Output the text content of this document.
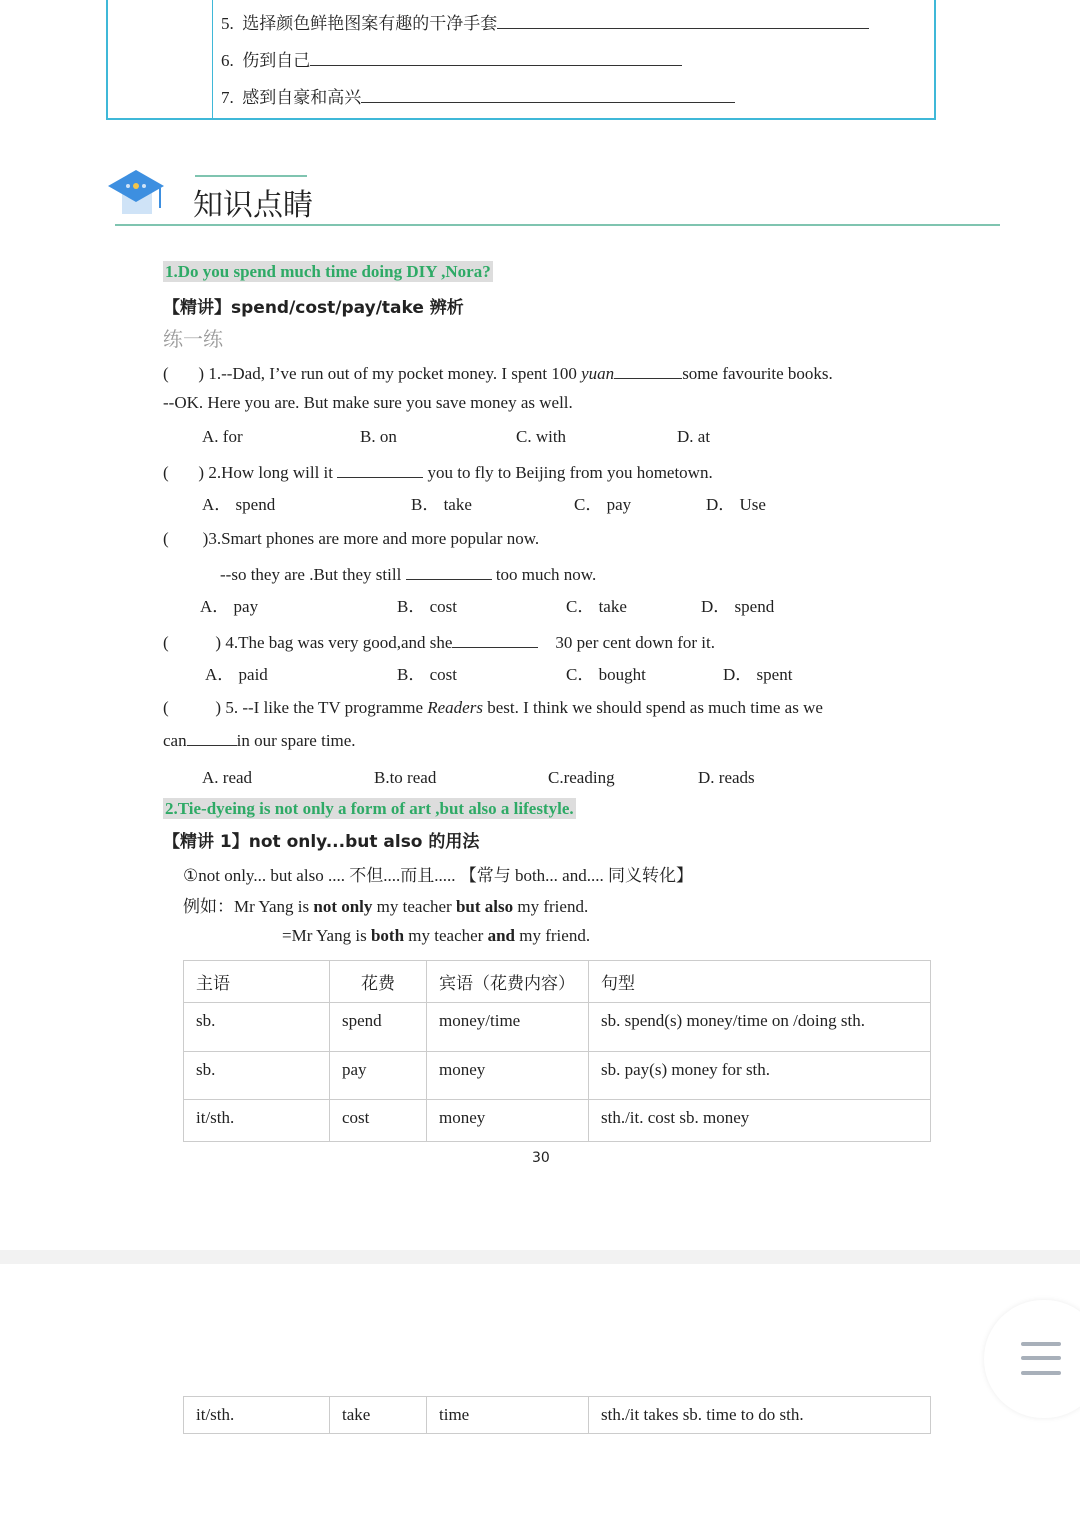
5. 选择颜色鲜艳图案有趣的干净手套
6. 伤到自己
7. 感到自豪和高兴
知识点睛
1.Do you spend much time doing DIY ,Nora?
【精讲】spend/cost/pay/take 辨析
练一练
( ) 1.--Dad, I’ve run out of my pocket money. I spent 100 yuan	some favourite books.
--OK. Here you are. But make sure you save money as well.
A. for	B. on	C. with	D. at
( ) 2.How long will it	you to fly to Beijing from you hometown.
A． spend	B． take	C． pay	D． Use
( )3.Smart phones are more and more popular now.
--so they are .But they still	too much now.
A． pay	B． cost	C． take	D． spend
(	) 4.The bag was very good,and she	30 per cent down for it.
A． paid	B． cost	C． bought	D． spent
(	) 5. --I like the TV programme Readers best. I think we should spend as much time as we
can	in our spare time.
A. read	B.to read	C.reading	D. reads
2.Tie-dyeing is not only a form of art ,but also a lifestyle.
【精讲 1】not only...but also 的用法
①not only... but also .... 不但....而且..... 【常与 both... and.... 同义转化】
例如：Mr Yang is not only my teacher but also my friend.
=Mr Yang is both my teacher and my friend.
主语	花费	宾语（花费内容）	句型
sb.	spend	money/time	sb. spend(s) money/time on /doing sth.
sb.	pay	money	sb. pay(s) money for sth.
it/sth.	cost	money	sth./it. cost sb. money
30
it/sth.	take	time	sth./it takes sb. time to do sth.
